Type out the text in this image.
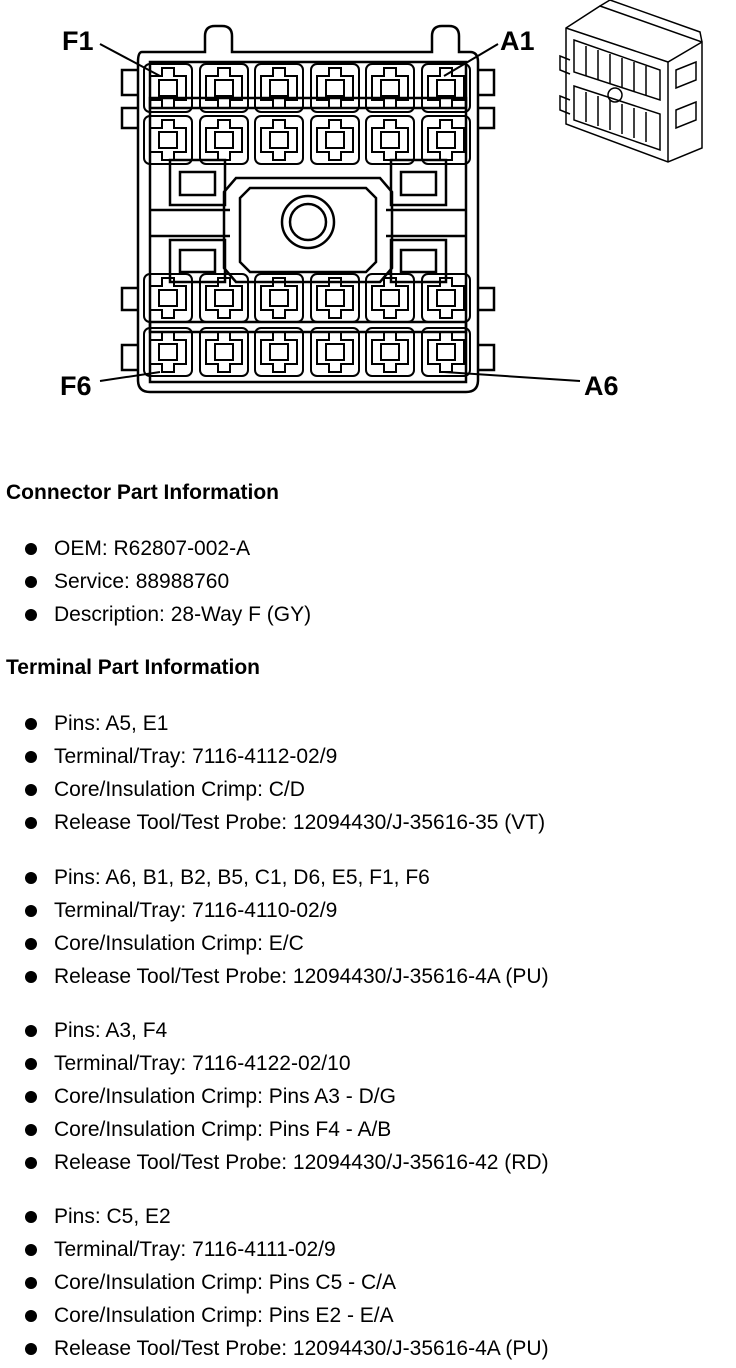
F1	A1
F6	A6
Connector Part Information
OEM: R62807-002-A
Service: 88988760
Description: 28-Way F (GY)
Terminal Part Information
Pins: A5, E1
Terminal/Tray: 7116-4112-02/9
Core/Insulation Crimp: C/D
Release Tool/Test Probe: 12094430/J-35616-35 (VT)
Pins: A6, B1, B2, B5, C1, D6, E5, F1, F6
Terminal/Tray: 7116-4110-02/9
Core/Insulation Crimp: E/C
Release Tool/Test Probe: 12094430/J-35616-4A (PU)
Pins: A3, F4
Terminal/Tray: 7116-4122-02/10
Core/Insulation Crimp: Pins A3 - D/G
Core/Insulation Crimp: Pins F4 - A/B
Release Tool/Test Probe: 12094430/J-35616-42 (RD)
Pins: C5, E2
Terminal/Tray: 7116-4111-02/9
Core/Insulation Crimp: Pins C5 - C/A
Core/Insulation Crimp: Pins E2 - E/A
Release Tool/Test Probe: 12094430/J-35616-4A (PU)
